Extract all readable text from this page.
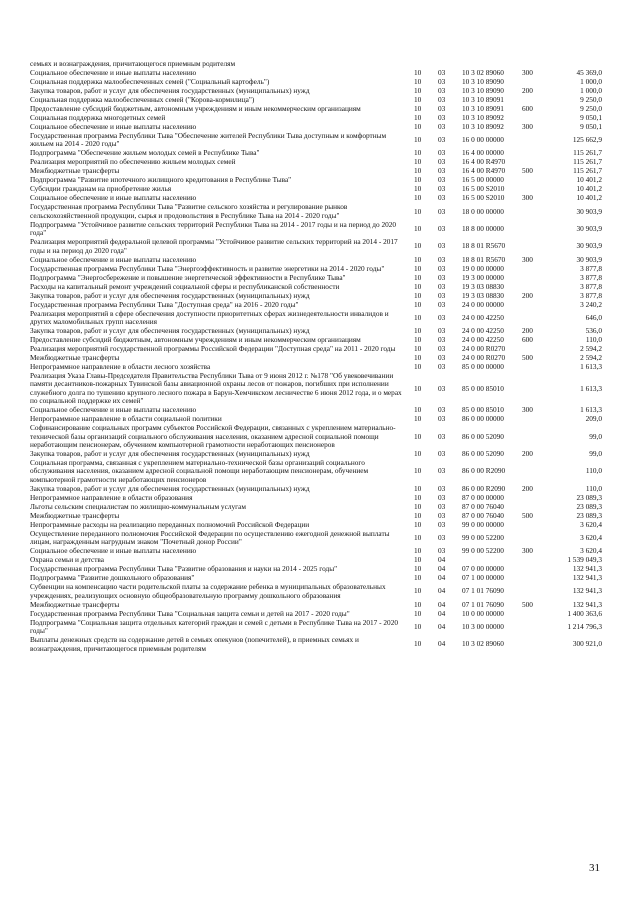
семьях и вознаграждения, причитающегося приемным родителям					
Социальное обеспечение и иные выплаты населению	10	03	10 3 02 89060	300	45 369,0
Социальная поддержка малообеспеченных семей ("Социальный картофель")	10	03	10 3 10 89090		1 000,0
Закупка товаров, работ и услуг для обеспечения государственных (муниципальных) нужд	10	03	10 3 10 89090	200	1 000,0
Социальная поддержка малообеспеченных семей ("Корова-кормилица")	10	03	10 3 10 89091		9 250,0
Предоставление субсидий бюджетным, автономным учреждениям и иным некоммерческим организациям	10	03	10 3 10 89091	600	9 250,0
Социальная поддержка многодетных семей	10	03	10 3 10 89092		9 050,1
Социальное обеспечение и иные выплаты населению	10	03	10 3 10 89092	300	9 050,1
Государственная программа Республики Тыва "Обеспечение жителей Республики Тыва доступным и комфортным жильем на 2014 - 2020 годы"	10	03	16 0 00 00000		125 662,9
Подпрограмма "Обеспечение жильем молодых семей в Республике Тыва"	10	03	16 4 00 00000		115 261,7
Реализация мероприятий по обеспечению жильем молодых семей	10	03	16 4 00 R4970		115 261,7
Межбюджетные трансферты	10	03	16 4 00 R4970	500	115 261,7
Подпрограмма "Развитие ипотечного жилищного кредитования в Республике Тыва"	10	03	16 5 00 00000		10 401,2
Субсидии гражданам на приобретение жилья	10	03	16 5 00 S2010		10 401,2
Социальное обеспечение и иные выплаты населению	10	03	16 5 00 S2010	300	10 401,2
Государственная программа Республики Тыва "Развитие сельского хозяйства и регулирование рынков сельскохозяйственной продукции, сырья и продовольствия в Республике Тыва на 2014 - 2020 годы"	10	03	18 0 00 00000		30 903,9
Подпрограмма "Устойчивое развитие сельских территорий Республики Тыва на 2014 - 2017 годы и на период до 2020 года"	10	03	18 8 00 00000		30 903,9
Реализация мероприятий федеральной целевой программы "Устойчивое развитие сельских территорий на 2014 - 2017 годы и на период до 2020 года"	10	03	18 8 01 R5670		30 903,9
Социальное обеспечение и иные выплаты населению	10	03	18 8 01 R5670	300	30 903,9
Государственная программа Республики Тыва "Энергоэффективность и развитие энергетики на 2014 - 2020 годы"	10	03	19 0 00 00000		3 877,8
Подпрограмма "Энергосбережение и повышение энергетической эффективности в Республике Тыва"	10	03	19 3 00 00000		3 877,8
Расходы на капитальный ремонт учреждений социальной сферы и республиканской собственности	10	03	19 3 03 08830		3 877,8
Закупка товаров, работ и услуг для обеспечения государственных (муниципальных) нужд	10	03	19 3 03 08830	200	3 877,8
Государственная программа Республики Тыва "Доступная среда" на 2016 - 2020 годы"	10	03	24 0 00 00000		3 240,2
Реализация мероприятий в сфере обеспечения доступности приоритетных сферах жизнедеятельности инвалидов и других маломобильных групп населения	10	03	24 0 00 42250		646,0
Закупка товаров, работ и услуг для обеспечения государственных (муниципальных) нужд	10	03	24 0 00 42250	200	536,0
Предоставление субсидий бюджетным, автономным учреждениям и иным некоммерческим организациям	10	03	24 0 00 42250	600	110,0
Реализация мероприятий государственной программы Российской Федерации "Доступная среда" на 2011 - 2020 годы	10	03	24 0 00 R0270		2 594,2
Межбюджетные трансферты	10	03	24 0 00 R0270	500	2 594,2
Непрограммное направление в области лесного хозяйства	10	03	85 0 00 00000		1 613,3
Реализация Указа Главы-Председателя Правительства Республики Тыва от 9 июня 2012 г. №178 "Об увековечивании памяти десантников-пожарных Тувинской базы авиационной охраны лесов от пожаров, погибших при исполнении служебного долга по тушению крупного лесного пожара в Барун-Хемчикском лесничестве 6 июня 2012 года, и о мерах по социальной поддержке их семей"	10	03	85 0 00 85010		1 613,3
Социальное обеспечение и иные выплаты населению	10	03	85 0 00 85010	300	1 613,3
Непрограммное направление в области социальной политики	10	03	86 0 00 00000		209,0
Софинансирование социальных программ субъектов Российской Федерации, связанных с укреплением материально-технической базы организаций социального обслуживания населения, оказанием адресной социальной помощи неработающим пенсионерам, обучением компьютерной грамотности неработающих пенсионеров	10	03	86 0 00 52090		99,0
Закупка товаров, работ и услуг для обеспечения государственных (муниципальных) нужд	10	03	86 0 00 52090	200	99,0
Социальная программа, связанная с укреплением материально-технической базы организаций социального обслуживания населения, оказанием адресной социальной помощи неработающим пенсионерам, обучением компьютерной грамотности неработающих пенсионеров	10	03	86 0 00 R2090		110,0
Закупка товаров, работ и услуг для обеспечения государственных (муниципальных) нужд	10	03	86 0 00 R2090	200	110,0
Непрограммное направление в области образования	10	03	87 0 00 00000		23 089,3
Льготы сельским специалистам по жилищно-коммунальным услугам	10	03	87 0 00 76040		23 089,3
Межбюджетные трансферты	10	03	87 0 00 76040	500	23 089,3
Непрограммные расходы на реализацию переданных полномочий Российской Федерации	10	03	99 0 00 00000		3 620,4
Осуществление переданного полномочия Российской Федерации по осуществлению ежегодной денежной выплаты лицам, награжденным нагрудным знаком "Почетный донор России"	10	03	99 0 00 52200		3 620,4
Социальное обеспечение и иные выплаты населению	10	03	99 0 00 52200	300	3 620,4
Охрана семьи и детства	10	04			1 539 049,3
Государственная программа Республики Тыва "Развитие образования и науки на 2014 - 2025 годы"	10	04	07 0 00 00000		132 941,3
Подпрограмма "Развитие дошкольного образования"	10	04	07 1 00 00000		132 941,3
Субвенции на компенсацию части родительской платы за содержание ребенка в муниципальных образовательных учреждениях, реализующих основную общеобразовательную программу дошкольного образования	10	04	07 1 01 76090		132 941,3
Межбюджетные трансферты	10	04	07 1 01 76090	500	132 941,3
Государственная программа Республики Тыва "Социальная защита семьи и детей на 2017 - 2020 годы"	10	04	10 0 00 00000		1 400 363,6
Подпрограмма "Социальная защита отдельных категорий граждан и семей с детьми в Республике Тыва на 2017 - 2020 годы"	10	04	10 3 00 00000		1 214 796,3
Выплаты денежных средств на содержание детей в семьях опекунов (попечителей), в приемных семьях и вознаграждения, причитающегося приемным родителям	10	04	10 3 02 89060		300 921,0
31
